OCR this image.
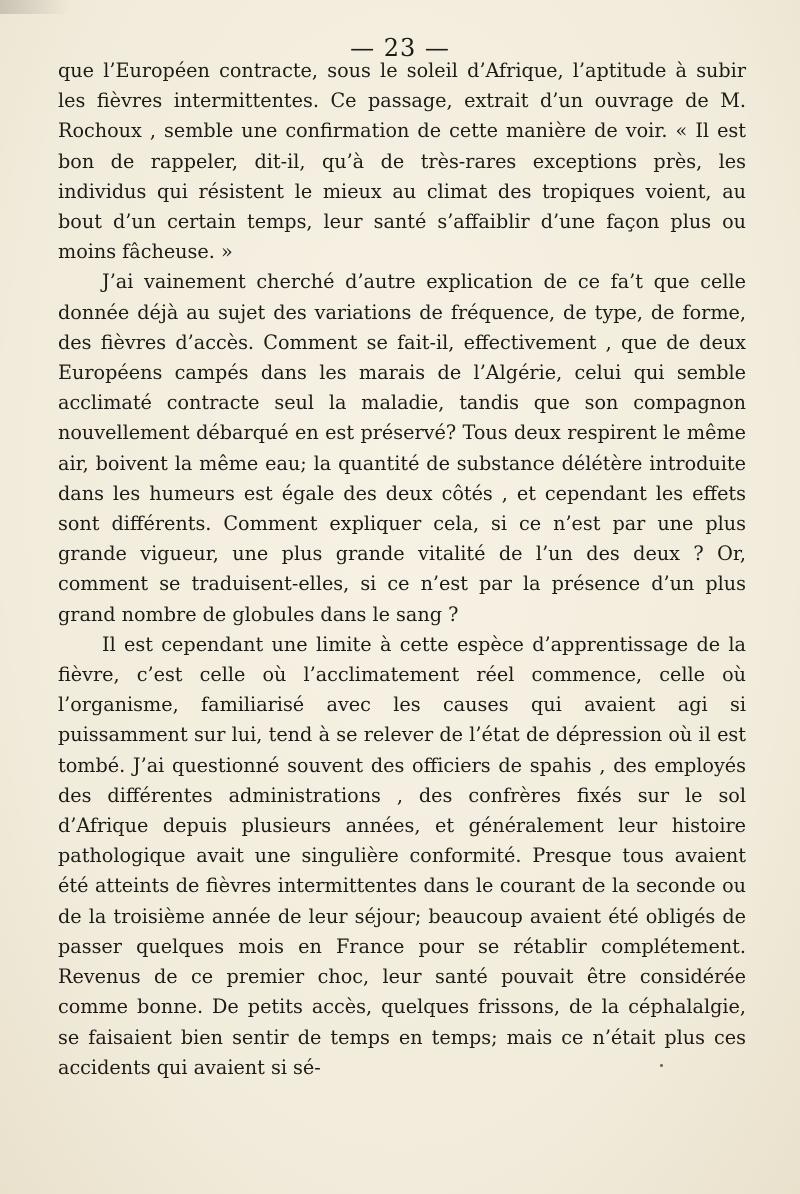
— 23 —

que l’Européen contracte, sous le soleil d’Afrique, l’aptitude à subir les fièvres intermittentes. Ce passage, extrait d’un ouvrage de M. Rochoux , semble une confirmation de cette manière de voir. « Il est bon de rappeler, dit-il, qu’à de très-rares exceptions près, les individus qui résistent le mieux au climat des tropiques voient, au bout d’un certain temps, leur santé s’affaiblir d’une façon plus ou moins fâcheuse. »

J’ai vainement cherché d’autre explication de ce fa’t que celle donnée déjà au sujet des variations de fréquence, de type, de forme, des fièvres d’accès. Comment se fait-il, effectivement , que de deux Européens campés dans les marais de l’Algérie, celui qui semble acclimaté contracte seul la maladie, tandis que son compagnon nouvellement débarqué en est préservé? Tous deux respirent le même air, boivent la même eau; la quantité de substance délétère introduite dans les humeurs est égale des deux côtés , et cependant les effets sont différents. Comment expliquer cela, si ce n’est par une plus grande vigueur, une plus grande vitalité de l’un des deux ? Or, comment se traduisent-elles, si ce n’est par la présence d’un plus grand nombre de globules dans le sang ?

Il est cependant une limite à cette espèce d’apprentissage de la fièvre, c’est celle où l’acclimatement réel commence, celle où l’organisme, familiarisé avec les causes qui avaient agi si puissamment sur lui, tend à se relever de l’état de dépression où il est tombé. J’ai questionné souvent des officiers de spahis , des employés des différentes administrations , des confrères fixés sur le sol d’Afrique depuis plusieurs années, et généralement leur histoire pathologique avait une singulière conformité. Presque tous avaient été atteints de fièvres intermittentes dans le courant de la seconde ou de la troisième année de leur séjour; beaucoup avaient été obligés de passer quelques mois en France pour se rétablir complétement. Revenus de ce premier choc, leur santé pouvait être considérée comme bonne. De petits accès, quelques frissons, de la céphalalgie, se faisaient bien sentir de temps en temps; mais ce n’était plus ces accidents qui avaient si sé-
